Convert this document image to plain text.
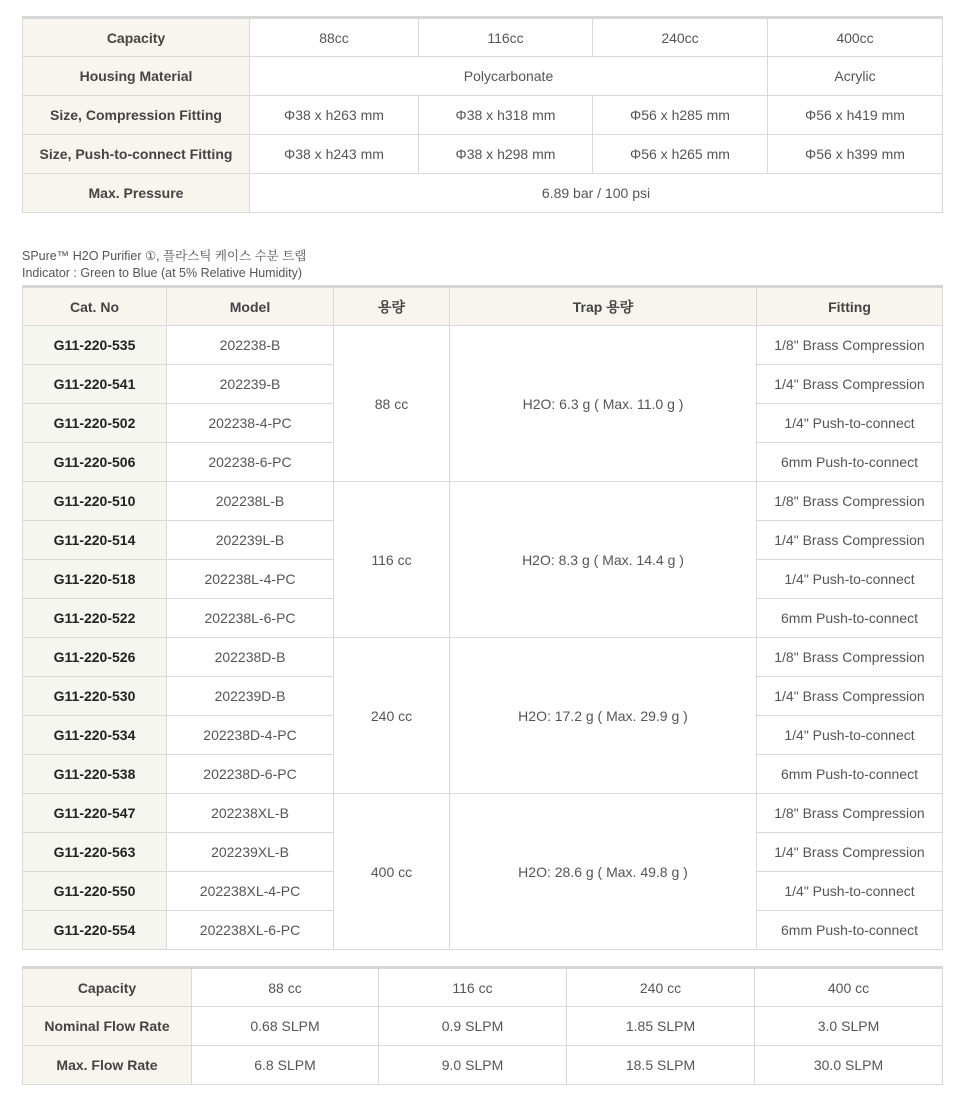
Capacity	88cc	116cc	240cc	400cc
Housing Material	Polycarbonate			Acrylic
Size, Compression Fitting	Φ38 x h263 mm	Φ38 x h318 mm	Φ56 x h285 mm	Φ56 x h419 mm
Size, Push-to-connect Fitting	Φ38 x h243 mm	Φ38 x h298 mm	Φ56 x h265 mm	Φ56 x h399 mm
Max. Pressure	6.89 bar / 100 psi			
SPure™ H2O Purifier ①, 플라스틱 케이스 수분 트랩
Indicator : Green to Blue (at 5% Relative Humidity)
Cat. No	Model	용량	Trap 용량	Fitting
G11-220-535	202238-B	88 cc	H2O: 6.3 g ( Max. 11.0 g )	1/8" Brass Compression
G11-220-541	202239-B			1/4" Brass Compression
G11-220-502	202238-4-PC			1/4" Push-to-connect
G11-220-506	202238-6-PC			6mm Push-to-connect
G11-220-510	202238L-B	116 cc	H2O: 8.3 g ( Max. 14.4 g )	1/8" Brass Compression
G11-220-514	202239L-B			1/4" Brass Compression
G11-220-518	202238L-4-PC			1/4" Push-to-connect
G11-220-522	202238L-6-PC			6mm Push-to-connect
G11-220-526	202238D-B	240 cc	H2O: 17.2 g ( Max. 29.9 g )	1/8" Brass Compression
G11-220-530	202239D-B			1/4" Brass Compression
G11-220-534	202238D-4-PC			1/4" Push-to-connect
G11-220-538	202238D-6-PC			6mm Push-to-connect
G11-220-547	202238XL-B	400 cc	H2O: 28.6 g ( Max. 49.8 g )	1/8" Brass Compression
G11-220-563	202239XL-B			1/4" Brass Compression
G11-220-550	202238XL-4-PC			1/4" Push-to-connect
G11-220-554	202238XL-6-PC			6mm Push-to-connect
Capacity	88 cc	116 cc	240 cc	400 cc
Nominal Flow Rate	0.68 SLPM	0.9 SLPM	1.85 SLPM	3.0 SLPM
Max. Flow Rate	6.8 SLPM	9.0 SLPM	18.5 SLPM	30.0 SLPM
